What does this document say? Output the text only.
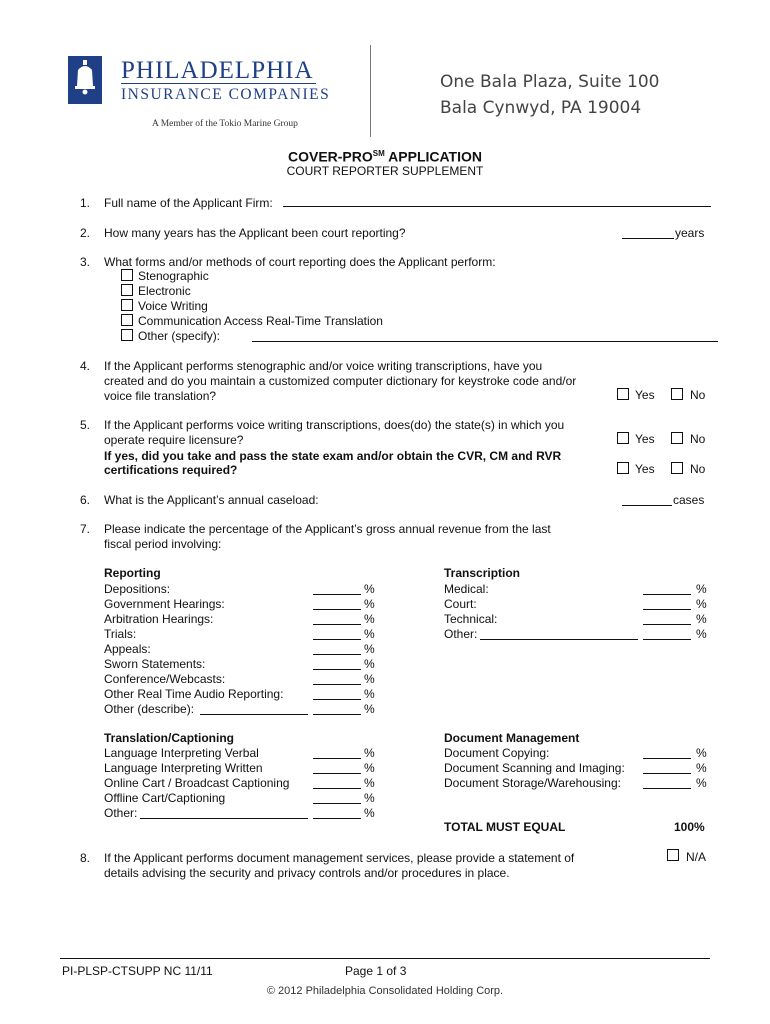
PHILADELPHIA
INSURANCE COMPANIES
A Member of the Tokio Marine Group
One Bala Plaza, Suite 100
Bala Cynwyd, PA 19004
COVER-PRO℠ APPLICATION
COURT REPORTER SUPPLEMENT
1. Full name of the Applicant Firm:
2. How many years has the Applicant been court reporting?	years
3. What forms and/or methods of court reporting does the Applicant perform:
Stenographic
Electronic
Voice Writing
Communication Access Real-Time Translation
Other (specify):
4. If the Applicant performs stenographic and/or voice writing transcriptions, have you
created and do you maintain a customized computer dictionary for keystroke code and/or
voice file translation?	Yes	No
5. If the Applicant performs voice writing transcriptions, does(do) the state(s) in which you
operate require licensure?	Yes	No
If yes, did you take and pass the state exam and/or obtain the CVR, CM and RVR
certifications required?	Yes	No
6. What is the Applicant’s annual caseload:	cases
7. Please indicate the percentage of the Applicant’s gross annual revenue from the last
fiscal period involving:
Reporting
Depositions:	%
Government Hearings:	%
Arbitration Hearings:	%
Trials:	%
Appeals:	%
Sworn Statements:	%
Conference/Webcasts:	%
Other Real Time Audio Reporting:	%
Other (describe):	%
Transcription
Medical:	%
Court:	%
Technical:	%
Other:	%
Translation/Captioning
Language Interpreting Verbal	%
Language Interpreting Written	%
Online Cart / Broadcast Captioning	%
Offline Cart/Captioning	%
Other:	%
Document Management
Document Copying:	%
Document Scanning and Imaging:	%
Document Storage/Warehousing:	%
TOTAL MUST EQUAL	100%
8. If the Applicant performs document management services, please provide a statement of
details advising the security and privacy controls and/or procedures in place.
N/A
PI-PLSP-CTSUPP NC 11/11	Page 1 of 3
© 2012 Philadelphia Consolidated Holding Corp.
